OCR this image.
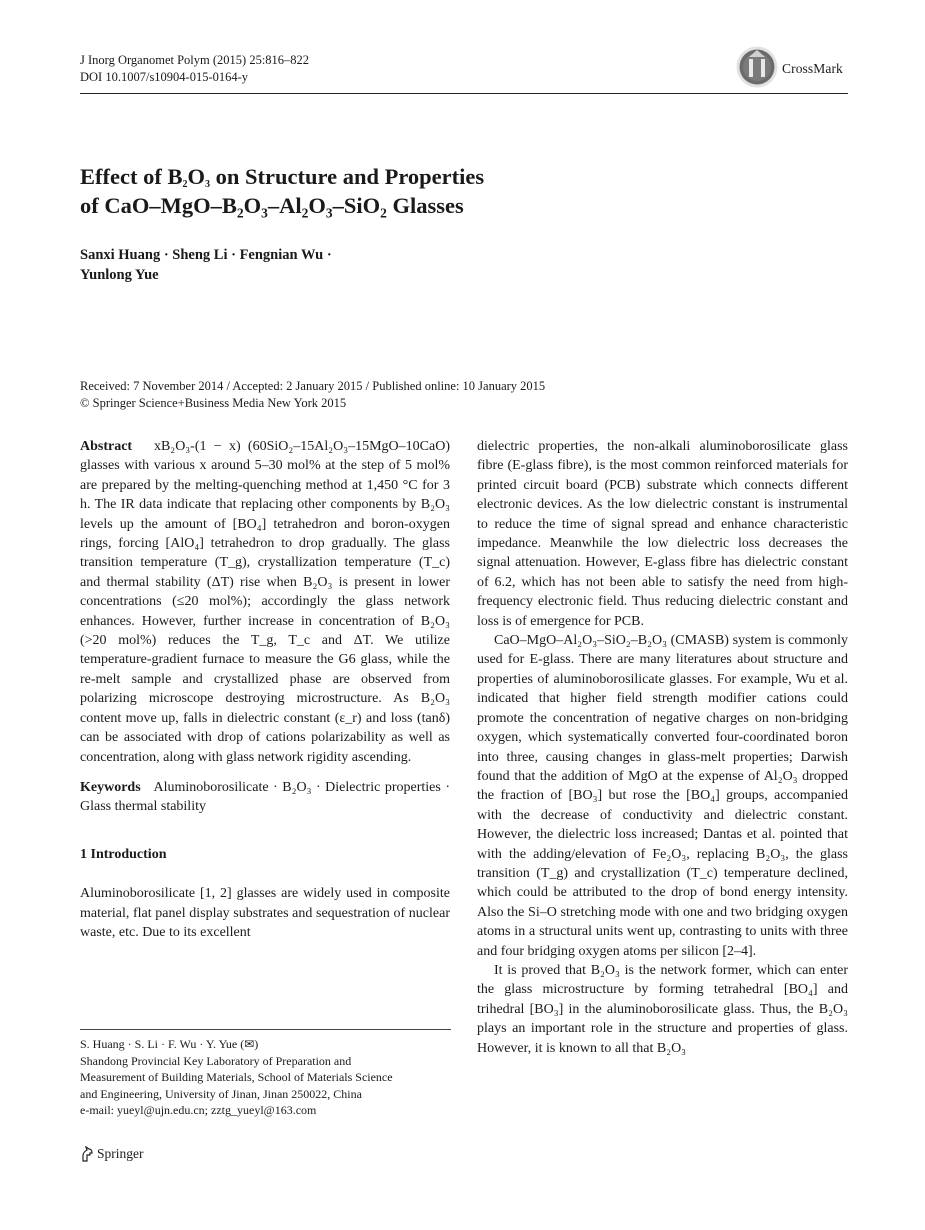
J Inorg Organomet Polym (2015) 25:816–822
DOI 10.1007/s10904-015-0164-y
CrossMark
Effect of $B_2O_3$ on Structure and Properties
of CaO–MgO–B₂O₃–Al₂O₃–SiO₂ Glasses
Sanxi Huang · Sheng Li · Fengnian Wu ·
Yunlong Yue
Received: 7 November 2014 / Accepted: 2 January 2015 / Published online: 10 January 2015
© Springer Science+Business Media New York 2015

Abstract xB₂O₃-(1 − x) (60SiO₂–15Al₂O₃–15MgO–10CaO) glasses with various x around 5–30 mol% at the step of 5 mol% are prepared by the melting-quenching method at 1,450 °C for 3 h. The IR data indicate that replacing other components by B₂O₃ levels up the amount of [BO₄] tetrahedron and boron-oxygen rings, forcing [AlO₄] tetrahedron to drop gradually. The glass transition temperature (T_g), crystallization temperature (T_c) and thermal stability (ΔT) rise when B₂O₃ is present in lower concentrations (≤20 mol%); accordingly the glass network enhances. However, further increase in concentration of B₂O₃ (>20 mol%) reduces the T_g, T_c and ΔT. We utilize temperature-gradient furnace to measure the G6 glass, while the re-melt sample and crystallized phase are observed from polarizing microscope destroying microstructure. As B₂O₃ content move up, falls in dielectric constant (ε_r) and loss (tanδ) can be associated with drop of cations polarizability as well as concentration, along with glass network rigidity ascending.

Keywords Aluminoborosilicate · B₂O₃ · Dielectric properties · Glass thermal stability

1 Introduction

Aluminoborosilicate [1, 2] glasses are widely used in composite material, flat panel display substrates and sequestration of nuclear waste, etc. Due to its excellent

dielectric properties, the non-alkali aluminoborosilicate glass fibre (E-glass fibre), is the most common reinforced materials for printed circuit board (PCB) substrate which connects different electronic devices. As the low dielectric constant is instrumental to reduce the time of signal spread and enhance characteristic impedance. Meanwhile the low dielectric loss decreases the signal attenuation. However, E-glass fibre has dielectric constant of 6.2, which has not been able to satisfy the need from high-frequency electronic field. Thus reducing dielectric constant and loss is of emergence for PCB.

CaO–MgO–Al₂O₃–SiO₂–B₂O₃ (CMASB) system is commonly used for E-glass. There are many literatures about structure and properties of aluminoborosilicate glasses. For example, Wu et al. indicated that higher field strength modifier cations could promote the concentration of negative charges on non-bridging oxygen, which systematically converted four-coordinated boron into three, causing changes in glass-melt properties; Darwish found that the addition of MgO at the expense of Al₂O₃ dropped the fraction of [BO₃] but rose the [BO₄] groups, accompanied with the decrease of conductivity and dielectric constant. However, the dielectric loss increased; Dantas et al. pointed that with the adding/elevation of Fe₂O₃, replacing B₂O₃, the glass transition (T_g) and crystallization (T_c) temperature declined, which could be attributed to the drop of bond energy intensity. Also the Si–O stretching mode with one and two bridging oxygen atoms in a structural units went up, contrasting to units with three and four bridging oxygen atoms per silicon [2–4].

It is proved that B₂O₃ is the network former, which can enter the glass microstructure by forming tetrahedral [BO₄] and trihedral [BO₃] in the aluminoborosilicate glass. Thus, the B₂O₃ plays an important role in the structure and properties of glass. However, it is known to all that B₂O₃

S. Huang · S. Li · F. Wu · Y. Yue (✉)
Shandong Provincial Key Laboratory of Preparation and
Measurement of Building Materials, School of Materials Science
and Engineering, University of Jinan, Jinan 250022, China
e-mail: yueyl@ujn.edu.cn; zztg_yueyl@163.com
Springer
